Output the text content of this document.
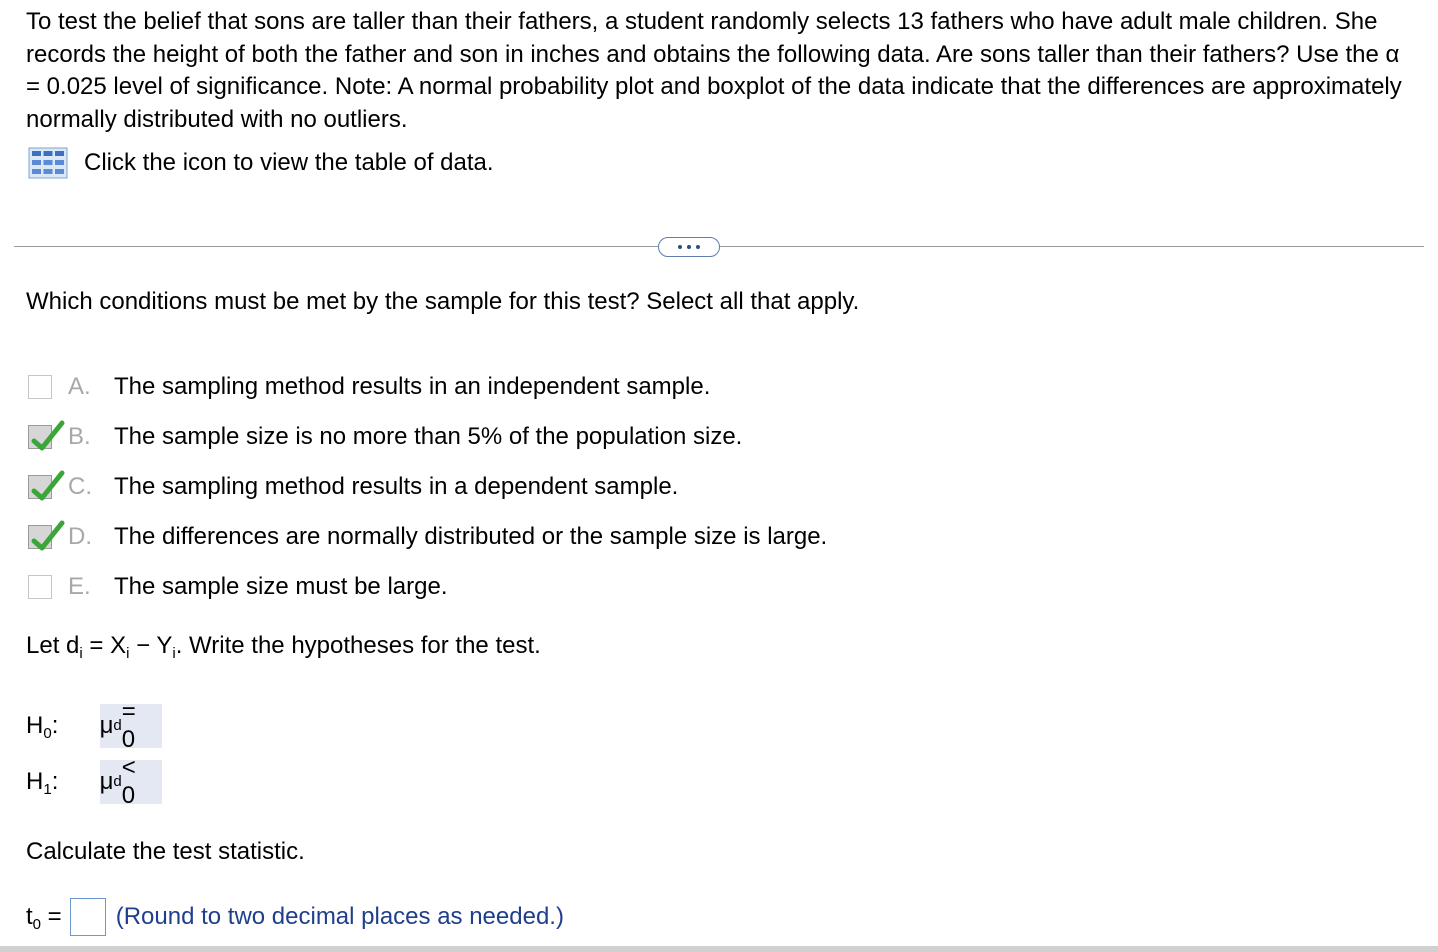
To test the belief that sons are taller than their fathers, a student randomly selects 13 fathers who have adult male children. She records the height of both the father and son in inches and obtains the following data. Are sons taller than their fathers? Use the α = 0.025 level of significance. Note: A normal probability plot and boxplot of the data indicate that the differences are approximately normally distributed with no outliers.
Click the icon to view the table of data.
Which conditions must be met by the sample for this test? Select all that apply.
A. The sampling method results in an independent sample.
B. The sample size is no more than 5% of the population size.
C. The sampling method results in a dependent sample.
D. The differences are normally distributed or the sample size is large.
E. The sample size must be large.
Let $d_i = X_i - Y_i$. Write the hypotheses for the test.
$H_0$:	μ d
= 0
$H_1$:	μ d
< 0
Calculate the test statistic.
$t_0$ = (Round to two decimal places as needed.)
